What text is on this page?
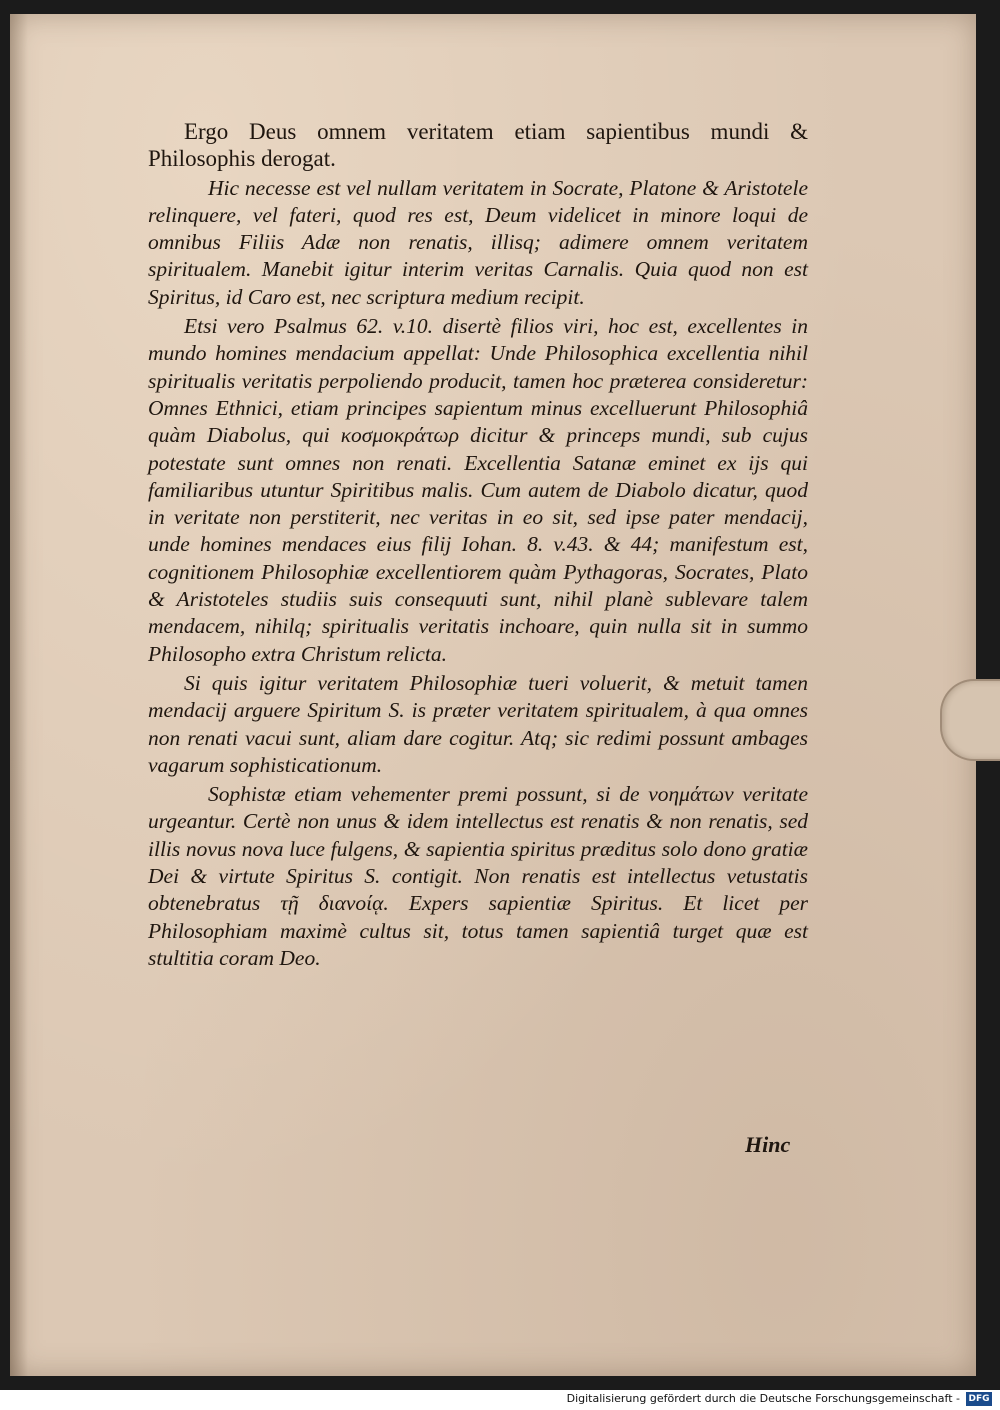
Ergo Deus omnem veritatem etiam sapientibus mundi & Philosophis derogat.

Hic necesse est vel nullam veritatem in Socrate, Platone & Aristotele relinquere, vel fateri, quod res est, Deum videlicet in minore loqui de omnibus Filiis Adæ non renatis, illisq; adimere omnem veritatem spiritualem. Manebit igitur interim veritas Carnalis. Quia quod non est Spiritus, id Caro est, nec scriptura medium recipit.

Etsi vero Psalmus 62. v.10. disertè filios viri, hoc est, excellentes in mundo homines mendacium appellat: Unde Philosophica excellentia nihil spiritualis veritatis perpoliendo producit, tamen hoc præterea consideretur: Omnes Ethnici, etiam principes sapientum minus excelluerunt Philosophiâ quàm Diabolus, qui κοσμοκράτωρ dicitur & princeps mundi, sub cujus potestate sunt omnes non renati. Excellentia Satanæ eminet ex ijs qui familiaribus utuntur Spiritibus malis. Cum autem de Diabolo dicatur, quod in veritate non perstiterit, nec veritas in eo sit, sed ipse pater mendacij, unde homines mendaces eius filij Iohan. 8. v.43. & 44; manifestum est, cognitionem Philosophiæ excellentiorem quàm Pythagoras, Socrates, Plato & Aristoteles studiis suis consequuti sunt, nihil planè sublevare talem mendacem, nihilq; spiritualis veritatis inchoare, quin nulla sit in summo Philosopho extra Christum relicta.

Si quis igitur veritatem Philosophiæ tueri voluerit, & metuit tamen mendacij arguere Spiritum S. is præter veritatem spiritualem, à qua omnes non renati vacui sunt, aliam dare cogitur. Atq; sic redimi possunt ambages vagarum sophisticationum.

Sophistæ etiam vehementer premi possunt, si de νοημάτων veritate urgeantur. Certè non unus & idem intellectus est renatis & non renatis, sed illis novus nova luce fulgens, & sapientia spiritus præditus solo dono gratiæ Dei & virtute Spiritus S. contigit. Non renatis est intellectus vetustatis obtenebratus τῇ διανοίᾳ. Expers sapientiæ Spiritus. Et licet per Philosophiam maximè cultus sit, totus tamen sapientiâ turget quæ est stultitia coram Deo.

Hinc
Digitalisierung gefördert durch die Deutsche Forschungsgemeinschaft - DFG
